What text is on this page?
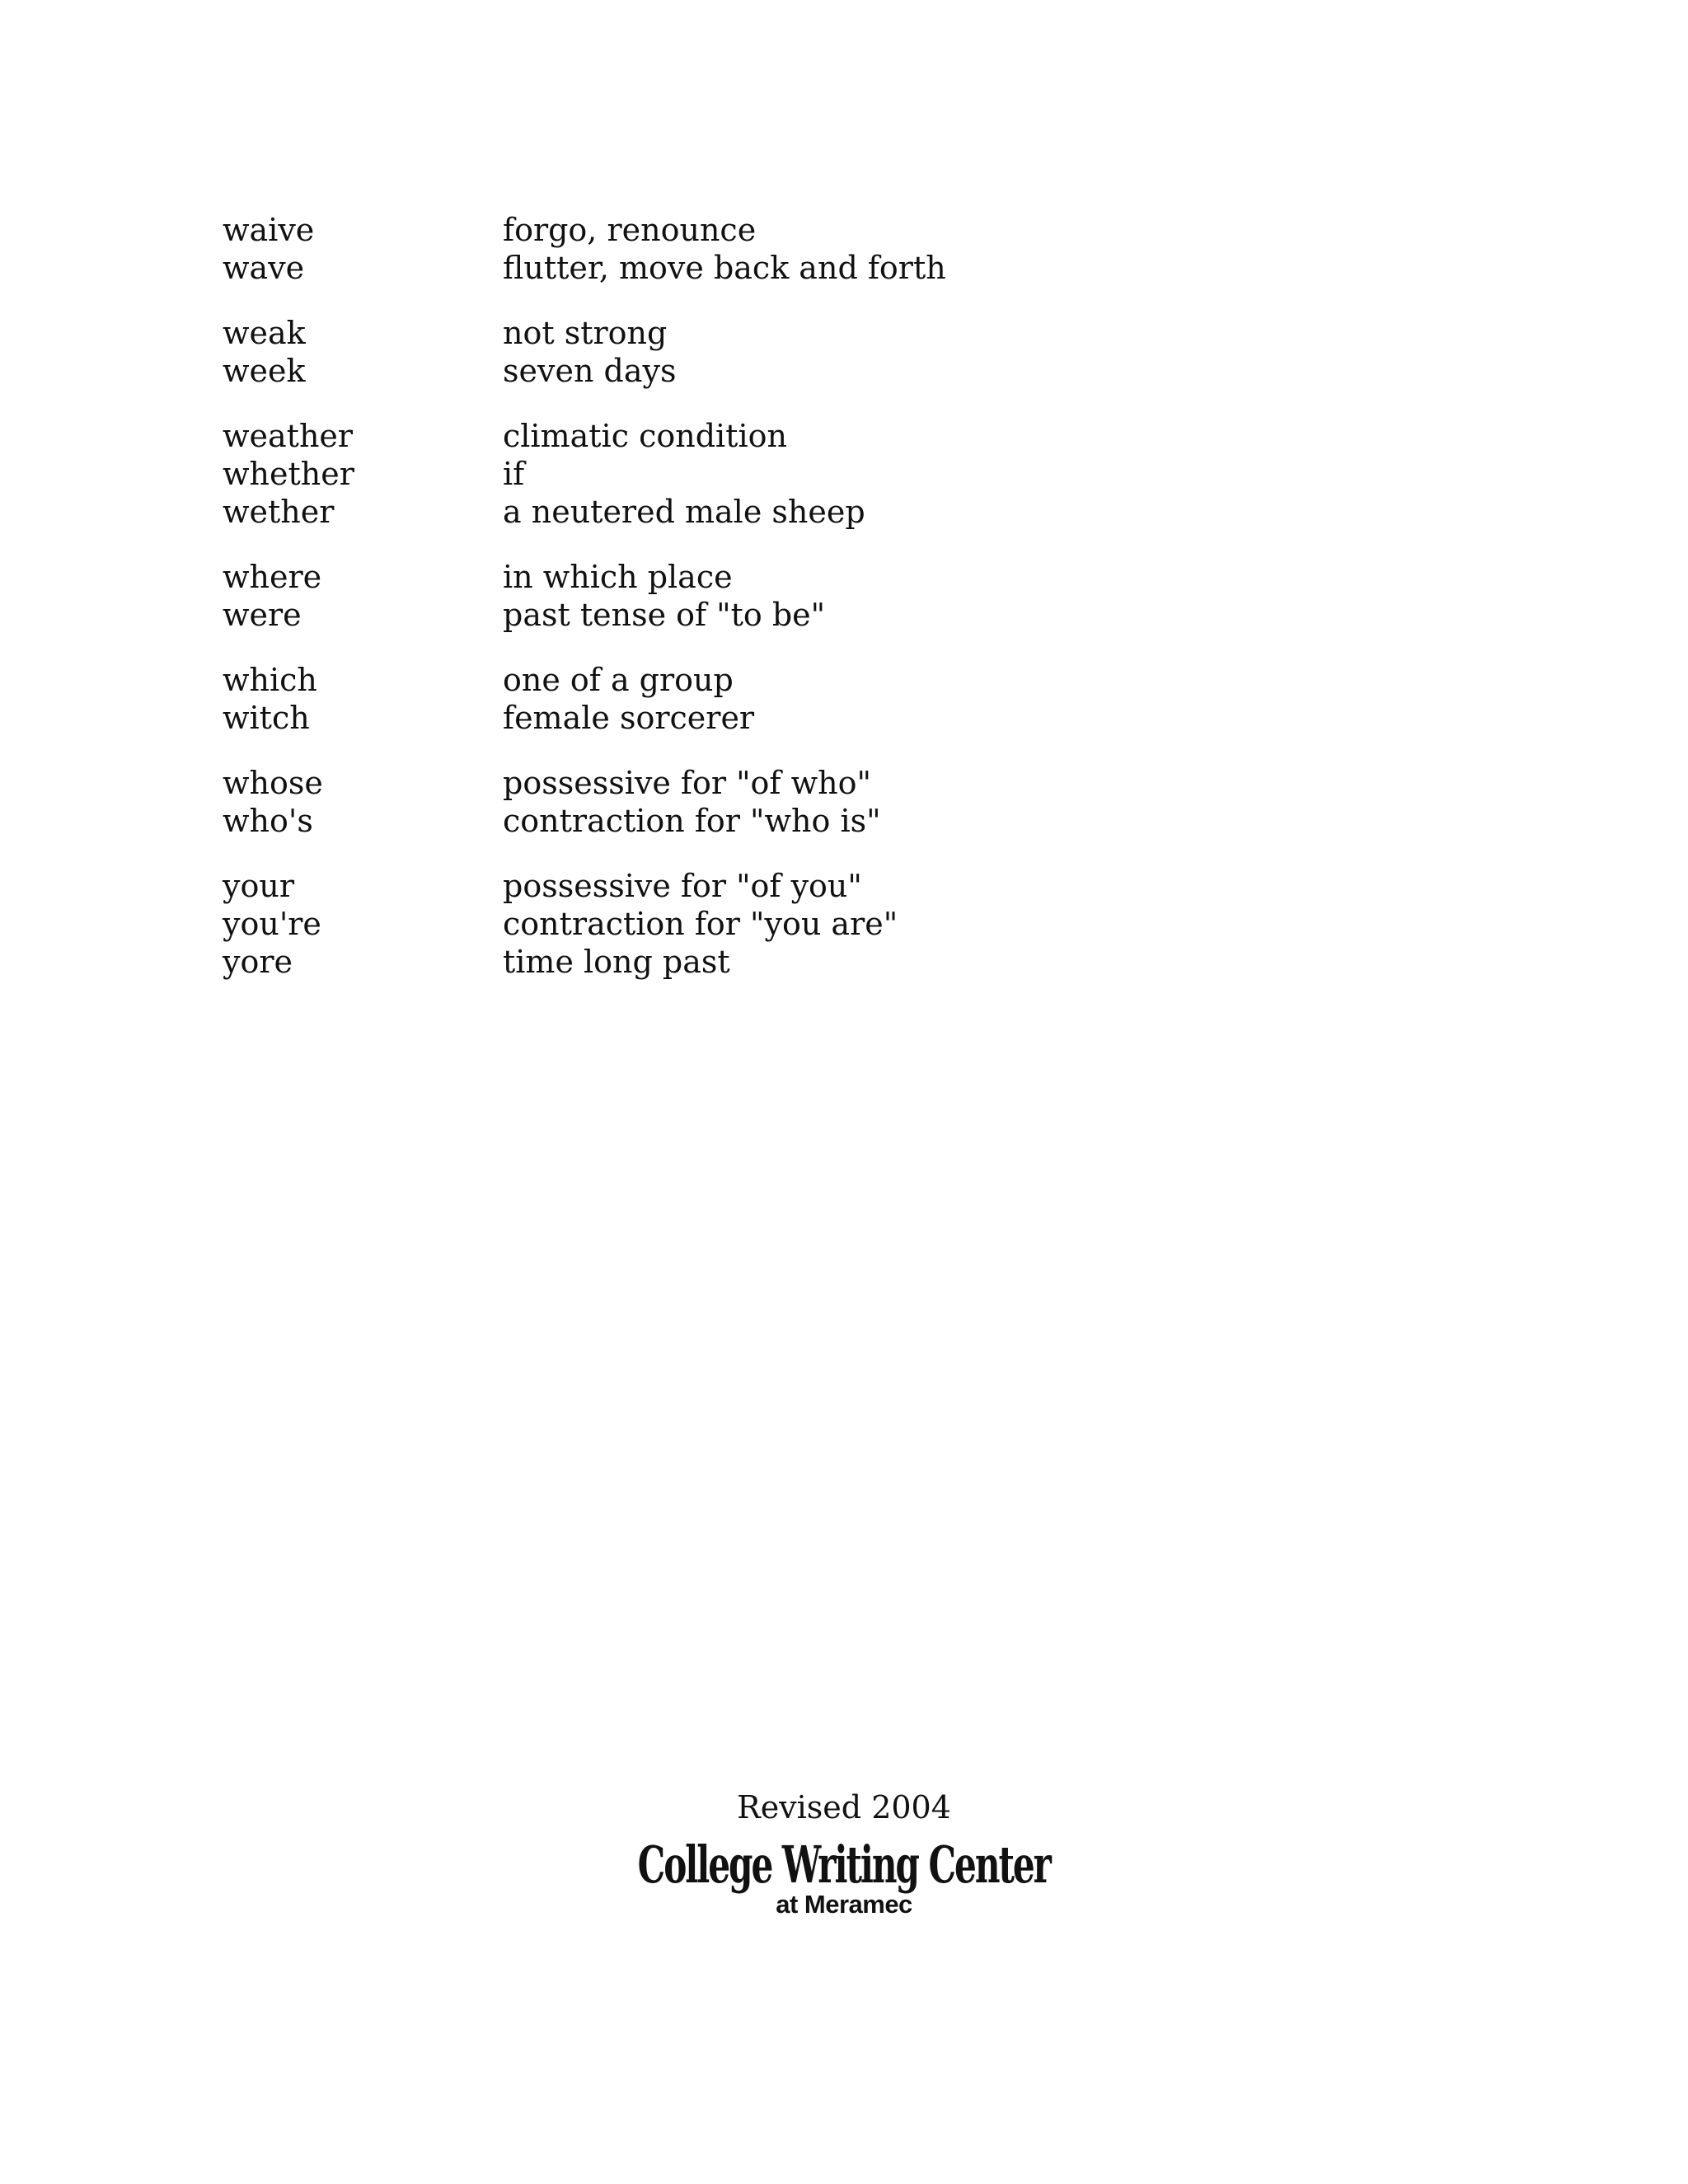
waive	forgo, renounce
wave	flutter, move back and forth
weak	not strong
week	seven days
weather	climatic condition
whether	if
wether	a neutered male sheep
where	in which place
were	past tense of "to be"
which	one of a group
witch	female sorcerer
whose	possessive for "of who"
who's	contraction for "who is"
your	possessive for "of you"
you're	contraction for "you are"
yore	time long past
Revised 2004
College Writing Center
at Meramec
